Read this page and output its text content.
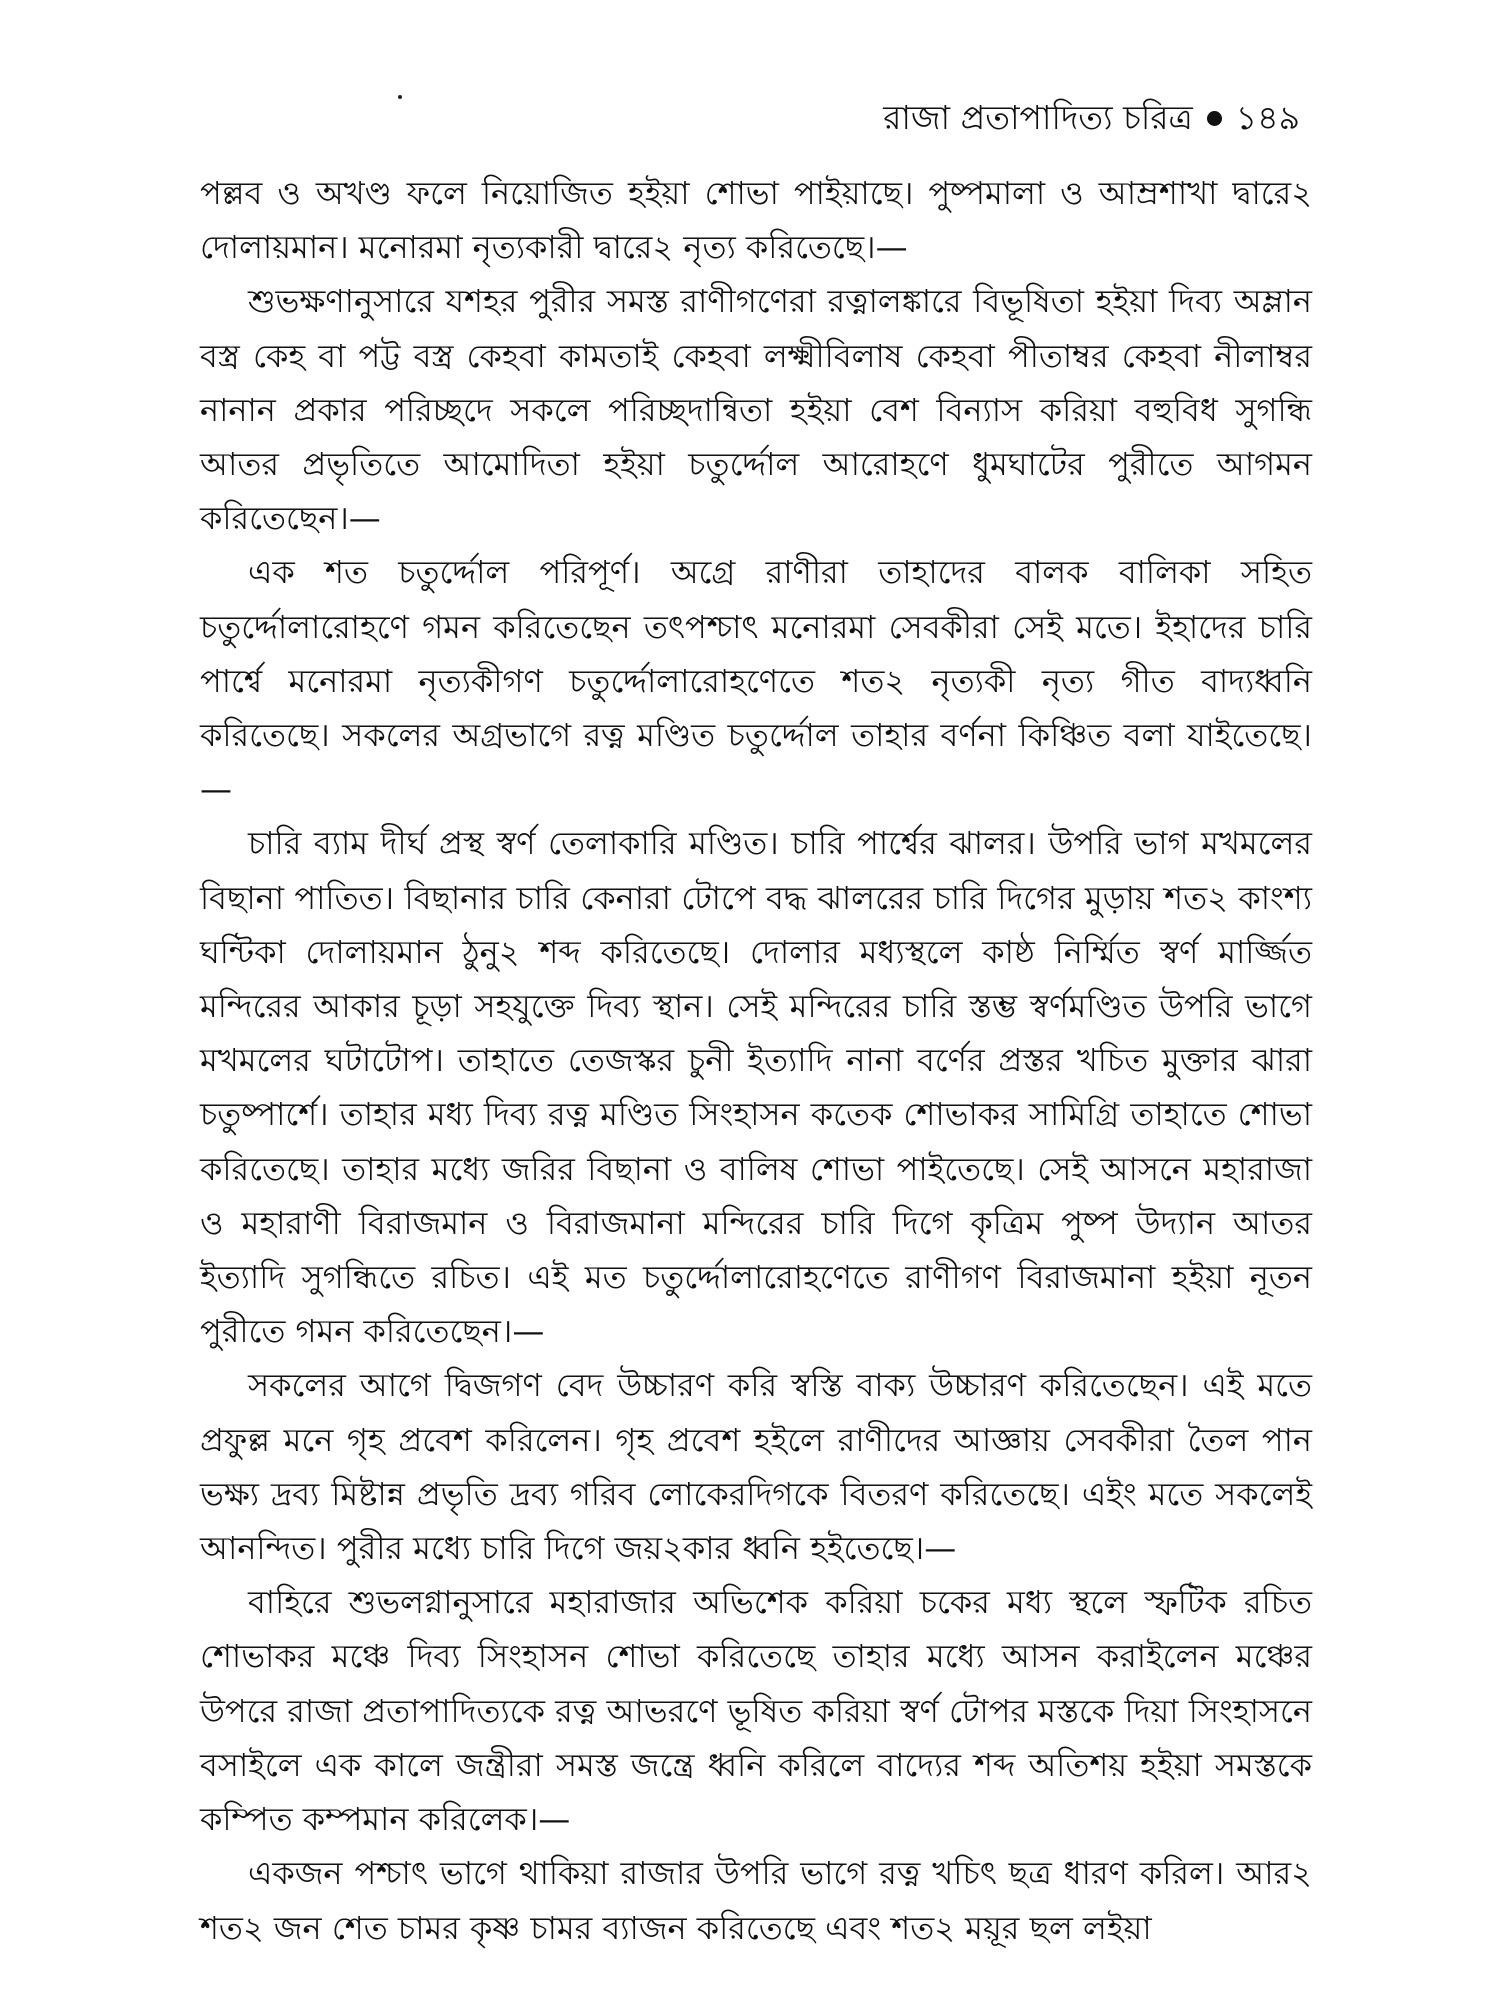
রাজা প্রতাপাদিত্য চরিত্র ১৪৯

পল্লব ও অখণ্ড ফলে নিয়োজিত হইয়া শোভা পাইয়াছে। পুষ্পমালা ও আম্রশাখা দ্বারে২ দোলায়মান। মনোরমা নৃত্যকারী দ্বারে২ নৃত্য করিতেছে।—

শুভক্ষণানুসারে যশহর পুরীর সমস্ত রাণীগণেরা রত্নালঙ্কারে বিভূষিতা হইয়া দিব্য অম্লান বস্ত্র কেহ বা পট্ট বস্ত্র কেহবা কামতাই কেহবা লক্ষ্মীবিলাষ কেহবা পীতাম্বর কেহবা নীলাম্বর নানান প্রকার পরিচ্ছদে সকলে পরিচ্ছদান্বিতা হইয়া বেশ বিন্যাস করিয়া বহুবিধ সুগন্ধি আতর প্রভৃতিতে আমোদিতা হইয়া চতুর্দ্দোল আরোহণে ধুমঘাটের পুরীতে আগমন করিতেছেন।—

এক শত চতুর্দ্দোল পরিপূর্ণ। অগ্রে রাণীরা তাহাদের বালক বালিকা সহিত চতুর্দ্দোলারোহণে গমন করিতেছেন তৎপশ্চাৎ মনোরমা সেবকীরা সেই মতে। ইহাদের চারি পার্শ্বে মনোরমা নৃত্যকীগণ চতুর্দ্দোলারোহণেতে শত২ নৃত্যকী নৃত্য গীত বাদ্যধ্বনি করিতেছে। সকলের অগ্রভাগে রত্ন মণ্ডিত চতুর্দ্দোল তাহার বর্ণনা কিঞ্চিত বলা যাইতেছে।—

চারি ব্যাম দীর্ঘ প্রস্থ স্বর্ণ তেলাকারি মণ্ডিত। চারি পার্শ্বের ঝালর। উপরি ভাগ মখমলের বিছানা পাতিত। বিছানার চারি কেনারা টোপে বদ্ধ ঝালরের চারি দিগের মুড়ায় শত২ কাংশ্য ঘন্টিকা দোলায়মান ঠুনু২ শব্দ করিতেছে। দোলার মধ্যস্থলে কাষ্ঠ নির্ম্মিত স্বর্ণ মার্জ্জিত মন্দিরের আকার চূড়া সহযুক্তে দিব্য স্থান। সেই মন্দিরের চারি স্তম্ভ স্বর্ণমণ্ডিত উপরি ভাগে মখমলের ঘটাটোপ। তাহাতে তেজস্কর চুনী ইত্যাদি নানা বর্ণের প্রস্তর খচিত মুক্তার ঝারা চতুষ্পার্শে। তাহার মধ্য দিব্য রত্ন মণ্ডিত সিংহাসন কতেক শোভাকর সামিগ্রি তাহাতে শোভা করিতেছে। তাহার মধ্যে জরির বিছানা ও বালিষ শোভা পাইতেছে। সেই আসনে মহারাজা ও মহারাণী বিরাজমান ও বিরাজমানা মন্দিরের চারি দিগে কৃত্রিম পুষ্প উদ্যান আতর ইত্যাদি সুগন্ধিতে রচিত। এই মত চতুর্দ্দোলারোহণেতে রাণীগণ বিরাজমানা হইয়া নূতন পুরীতে গমন করিতেছেন।—

সকলের আগে দ্বিজগণ বেদ উচ্চারণ করি স্বস্তি বাক্য উচ্চারণ করিতেছেন। এই মতে প্রফুল্ল মনে গৃহ প্রবেশ করিলেন। গৃহ প্রবেশ হইলে রাণীদের আজ্ঞায় সেবকীরা তৈল পান ভক্ষ্য দ্রব্য মিষ্টান্ন প্রভৃতি দ্রব্য গরিব লোকেরদিগকে বিতরণ করিতেছে। এইং মতে সকলেই আনন্দিত। পুরীর মধ্যে চারি দিগে জয়২কার ধ্বনি হইতেছে।—

বাহিরে শুভলগ্নানুসারে মহারাজার অভিশেক করিয়া চকের মধ্য স্থলে স্ফটিক রচিত শোভাকর মঞ্চে দিব্য সিংহাসন শোভা করিতেছে তাহার মধ্যে আসন করাইলেন মঞ্চের উপরে রাজা প্রতাপাদিত্যকে রত্ন আভরণে ভূষিত করিয়া স্বর্ণ টোপর মস্তকে দিয়া সিংহাসনে বসাইলে এক কালে জন্ত্রীরা সমস্ত জন্ত্রে ধ্বনি করিলে বাদ্যের শব্দ অতিশয় হইয়া সমস্তকে কম্পিত কম্পমান করিলেক।—

একজন পশ্চাৎ ভাগে থাকিয়া রাজার উপরি ভাগে রত্ন খচিৎ ছত্র ধারণ করিল। আর২ শত২ জন শেত চামর কৃষ্ণ চামর ব্যাজন করিতেছে এবং শত২ ময়ূর ছল লইয়া
